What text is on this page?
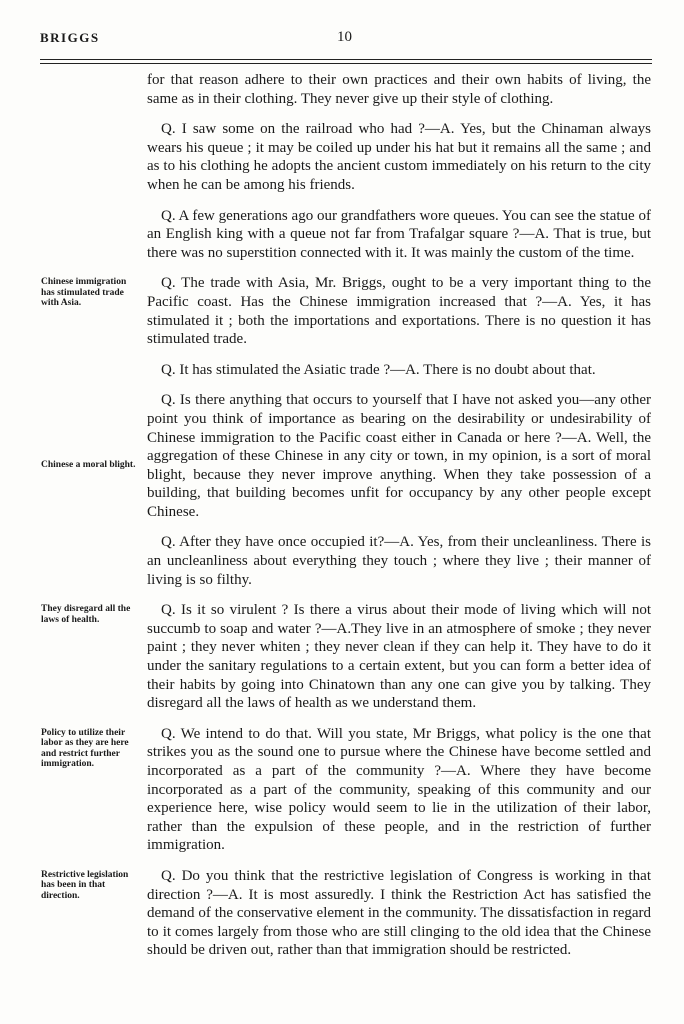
BRIGGS	10

for that reason adhere to their own practices and their own habits of living, the same as in their clothing. They never give up their style of clothing.

Q. I saw some on the railroad who had ?—A. Yes, but the Chinaman always wears his queue ; it may be coiled up under his hat but it remains all the same ; and as to his clothing he adopts the ancient custom immediately on his return to the city when he can be among his friends.

Q. A few generations ago our grandfathers wore queues. You can see the statue of an English king with a queue not far from Trafalgar square ?—A. That is true, but there was no superstition connected with it. It was mainly the custom of the time.

Chinese immigration has stimulated trade with Asia.
Q. The trade with Asia, Mr. Briggs, ought to be a very important thing to the Pacific coast. Has the Chinese immigration increased that ?—A. Yes, it has stimulated it ; both the importations and exportations. There is no question it has stimulated trade.

Q. It has stimulated the Asiatic trade ?—A. There is no doubt about that.

Chinese a moral blight.
Q. Is there anything that occurs to yourself that I have not asked you—any other point you think of importance as bearing on the desirability or undesirability of Chinese immigration to the Pacific coast either in Canada or here ?—A. Well, the aggregation of these Chinese in any city or town, in my opinion, is a sort of moral blight, because they never improve anything. When they take possession of a building, that building becomes unfit for occupancy by any other people except Chinese.

Q. After they have once occupied it?—A. Yes, from their uncleanliness. There is an uncleanliness about everything they touch ; where they live ; their manner of living is so filthy.

They disregard all the laws of health.
Q. Is it so virulent ? Is there a virus about their mode of living which will not succumb to soap and water ?—A.They live in an atmosphere of smoke ; they never paint ; they never whiten ; they never clean if they can help it. They have to do it under the sanitary regulations to a certain extent, but you can form a better idea of their habits by going into Chinatown than any one can give you by talking. They disregard all the laws of health as we understand them.

Policy to utilize their labor as they are here and restrict further immigration.
Q. We intend to do that. Will you state, Mr Briggs, what policy is the one that strikes you as the sound one to pursue where the Chinese have become settled and incorporated as a part of the community ?—A. Where they have become incorporated as a part of the community, speaking of this community and our experience here, wise policy would seem to lie in the utilization of their labor, rather than the expulsion of these people, and in the restriction of further immigration.

Restrictive legislation has been in that direction.
Q. Do you think that the restrictive legislation of Congress is working in that direction ?—A. It is most assuredly. I think the Restriction Act has satisfied the demand of the conservative element in the community. The dissatisfaction in regard to it comes largely from those who are still clinging to the old idea that the Chinese should be driven out, rather than that immigration should be restricted.
